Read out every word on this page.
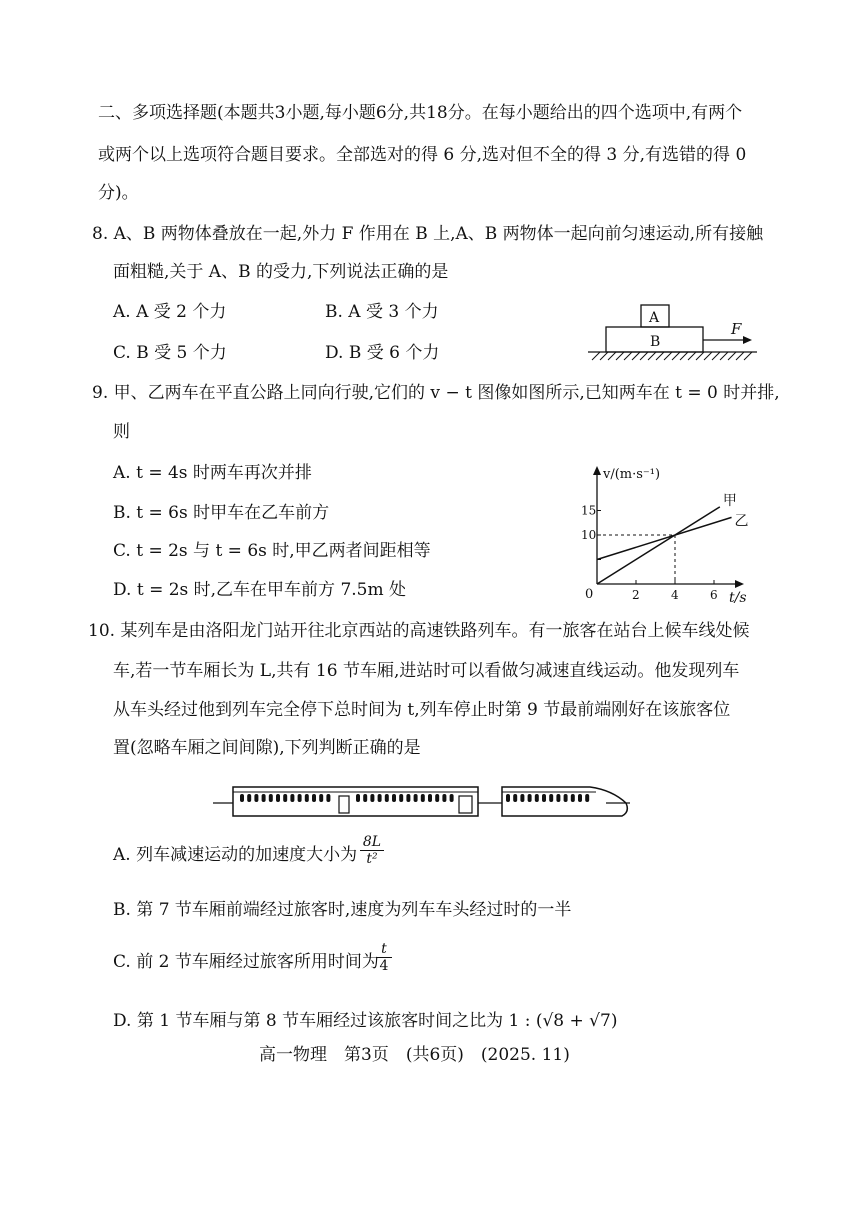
二、多项选择题(本题共3小题,每小题6分,共18分。在每小题给出的四个选项中,有两个
或两个以上选项符合题目要求。全部选对的得 6 分,选对但不全的得 3 分,有选错的得 0
分)。
8. A、B 两物体叠放在一起,外力 F 作用在 B 上,A、B 两物体一起向前匀速运动,所有接触
面粗糙,关于 A、B 的受力,下列说法正确的是
A. A 受 2 个力	B. A 受 3 个力
C. B 受 5 个力	D. B 受 6 个力
A
B
F
v/(m·s⁻¹)
t/s
0	2	4	6
15
10
甲
乙
9. 甲、乙两车在平直公路上同向行驶,它们的 v − t 图像如图所示,已知两车在 t = 0 时并排,
则
A. t = 4s 时两车再次并排
B. t = 6s 时甲车在乙车前方
C. t = 2s 与 t = 6s 时,甲乙两者间距相等
D. t = 2s 时,乙车在甲车前方 7.5m 处
10. 某列车是由洛阳龙门站开往北京西站的高速铁路列车。有一旅客在站台上候车线处候
车,若一节车厢长为 L,共有 16 节车厢,进站时可以看做匀减速直线运动。他发现列车
从车头经过他到列车完全停下总时间为 t,列车停止时第 9 节最前端刚好在该旅客位
置(忽略车厢之间间隙),下列判断正确的是
A. 列车减速运动的加速度大小为 $\frac{8L}{\text{t²}}$
B. 第 7 节车厢前端经过旅客时,速度为列车车头经过时的一半
C. 前 2 节车厢经过旅客所用时间为
$\frac{t}{4}$
D. 第 1 节车厢与第 8 节车厢经过该旅客时间之比为 1 : (√8 + √7)
高一物理　第3页　(共6页)　(2025. 11)
